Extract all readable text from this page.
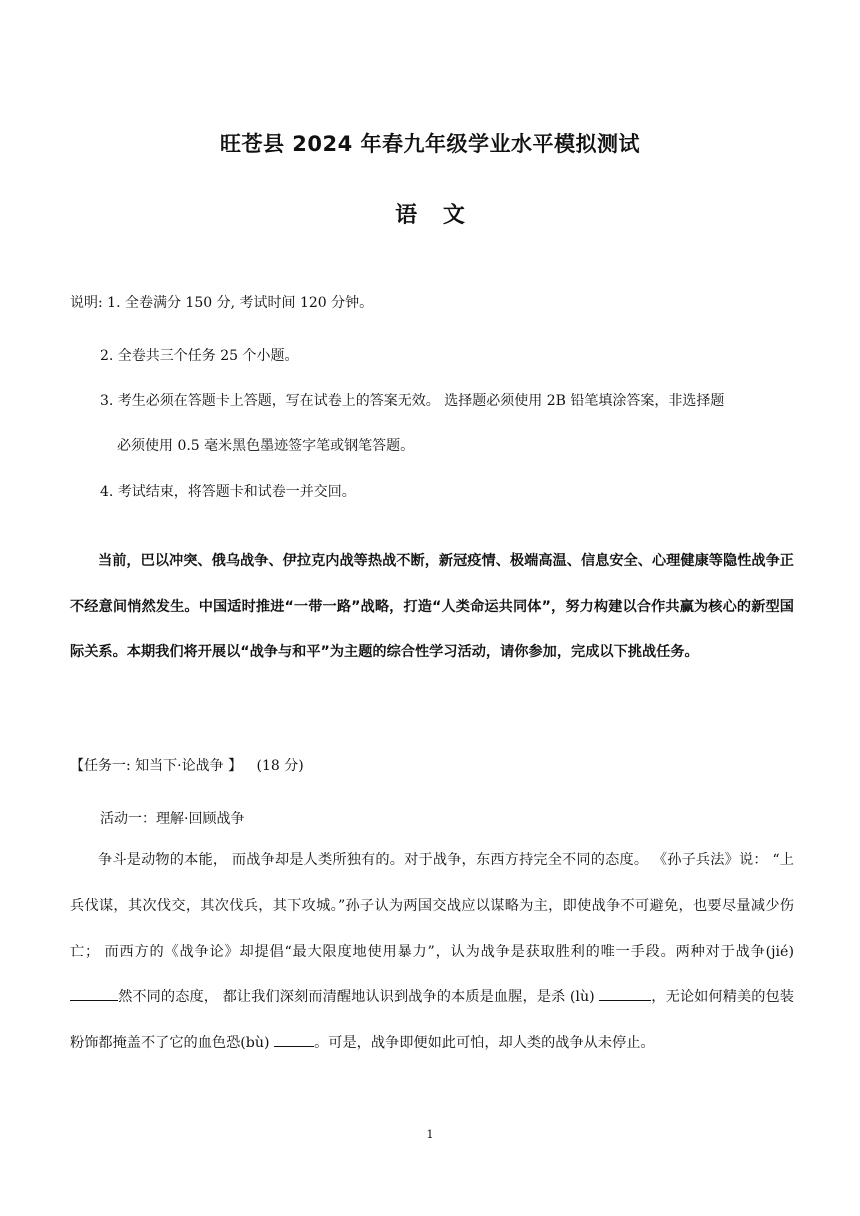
旺苍县 2024 年春九年级学业水平模拟测试
语 文
说明: 1. 全卷满分 150 分, 考试时间 120 分钟。
2. 全卷共三个任务 25 个小题。
3. 考生必须在答题卡上答题，写在试卷上的答案无效。 选择题必须使用 2B 铅笔填涂答案，非选择题
必须使用 0.5 毫米黑色墨迹签字笔或钢笔答题。
4. 考试结束，将答题卡和试卷一并交回。

当前，巴以冲突、俄乌战争、伊拉克内战等热战不断，新冠疫情、极端高温、信息安全、心理健康等隐性战争正不经意间悄然发生。中国适时推进“一带一路”战略，打造“人类命运共同体”，努力构建以合作共赢为核心的新型国际关系。本期我们将开展以“战争与和平”为主题的综合性学习活动，请你参加，完成以下挑战任务。

【任务一: 知当下·论战争 】 (18 分)
活动一：理解·回顾战争

争斗是动物的本能， 而战争却是人类所独有的。对于战争，东西方持完全不同的态度。 《孙子兵法》说： “上兵伐谋，其次伐交，其次伐兵，其下攻城。”孙子认为两国交战应以谋略为主，即使战争不可避免，也要尽量减少伤亡； 而西方的《战争论》却提倡“最大限度地使用暴力”，认为战争是获取胜利的唯一手段。两种对于战争(jié) 然不同的态度， 都让我们深刻而清醒地认识到战争的本质是血腥，是杀 (lù)	，无论如何精美的包装粉饰都掩盖不了它的血色恐(bù)	。可是，战争即便如此可怕，却人类的战争从未停止。

1
